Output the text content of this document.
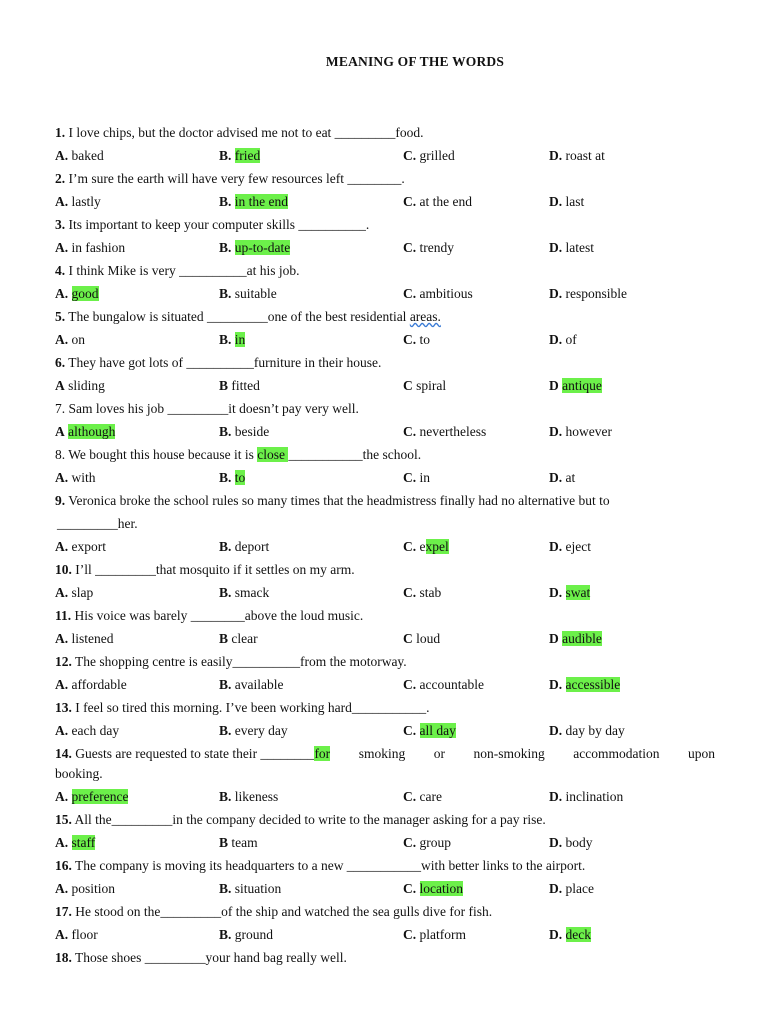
MEANING OF THE WORDS
1. I love chips, but the doctor advised me not to eat _________food.
A. baked	B. fried	C. grilled	D. roast at
2. I’m sure the earth will have very few resources left ________.
A. lastly	B. in the end	C. at the end	D. last
3. Its important to keep your computer skills __________.
A. in fashion	B. up-to-date	C. trendy	D. latest
4. I think Mike is very __________at his job.
A. good	B. suitable	C. ambitious	D. responsible
5. The bungalow is situated _________one of the best residential areas.
A. on	B. in	C. to	D. of
6. They have got lots of __________furniture in their house.
A sliding	B fitted	C spiral	D antique
7. Sam loves his job _________it doesn’t pay very well.
A although	B. beside	C. nevertheless	D. however
8. We bought this house because it is close ___________the school.
A. with	B. to	C. in	D. at
9. Veronica broke the school rules so many times that the headmistress finally had no alternative but to
_________her.
A. export	B. deport	C. expel	D. eject
10. I’ll _________that mosquito if it settles on my arm.
A. slap	B. smack	C. stab	D. swat
11. His voice was barely ________above the loud music.
A. listened	B clear	C loud	D audible
12. The shopping centre is easily__________from the motorway.
A. affordable	B. available	C. accountable	D. accessible
13. I feel so tired this morning. I’ve been working hard___________.
A. each day	B. every day	C. all day	D. day by day
14. Guests are requested to state their ________for smoking or non-smoking accommodation upon
booking.
A. preference	B. likeness	C. care	D. inclination
15. All the_________in the company decided to write to the manager asking for a pay rise.
A. staff	B team	C. group	D. body
16. The company is moving its headquarters to a new ___________with better links to the airport.
A. position	B. situation	C. location	D. place
17. He stood on the_________of the ship and watched the sea gulls dive for fish.
A. floor	B. ground	C. platform	D. deck
18. Those shoes _________your hand bag really well.
